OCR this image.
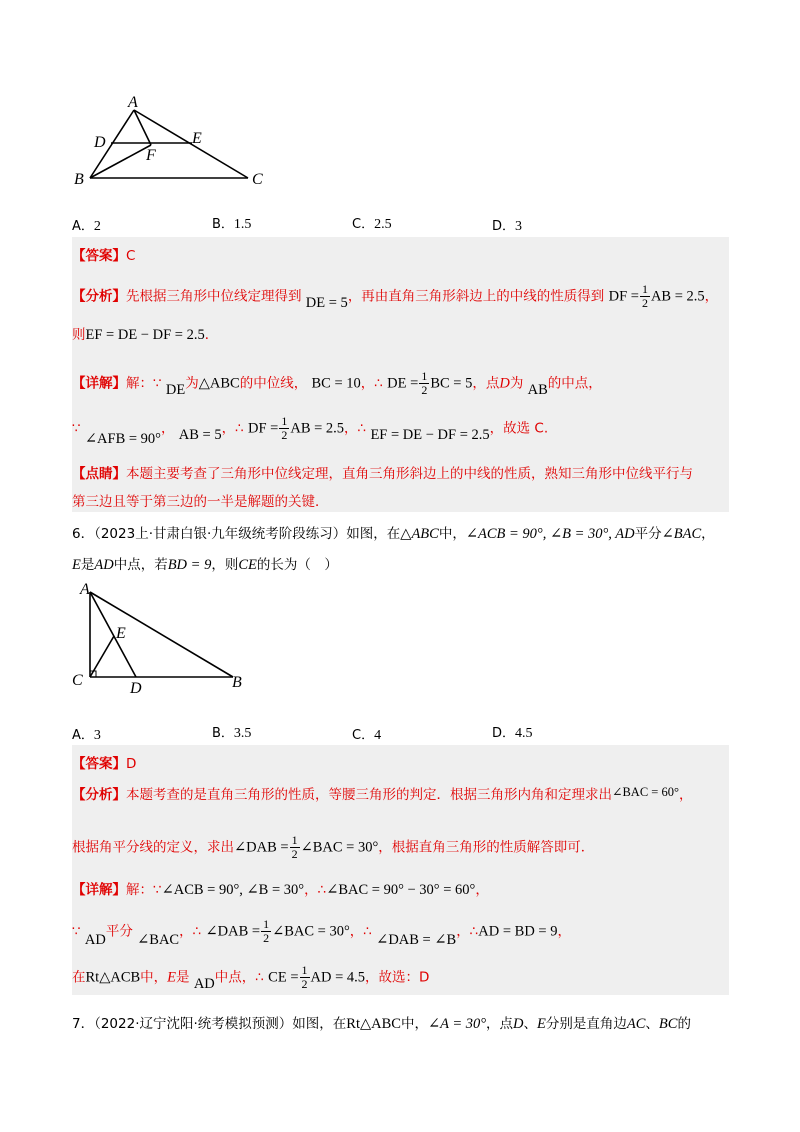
A
B	C
D	E
F
A．2	B．1.5	C．2.5	D．3
【答案】C
【分析】先根据三角形中位线定理得到 DE = 5，再由直角三角形斜边上的中线的性质得到 DF = $\frac{1}{2}$ AB = 2.5，
则EF = DE − DF = 2.5．
【详解】解：∵ DE为△ABC的中位线， BC = 10，∴ DE = $\frac{1}{2}$ BC = 5，点D为 AB的中点，
∵ ∠AFB = 90°， AB = 5，∴ DF = $\frac{1}{2}$ AB = 2.5，∴ EF = DE − DF = 2.5，故选 C.
【点睛】本题主要考查了三角形中位线定理，直角三角形斜边上的中线的性质，熟知三角形中位线平行与
第三边且等于第三边的一半是解题的关键．
6．（2023上·甘肃白银·九年级统考阶段练习）如图，在△ABC中，∠ACB = 90°, ∠B = 30°, AD平分∠BAC，
E是AD中点，若BD = 9，则CE的长为（　）
A
C	D	B
E
A．3	B．3.5	C．4	D．4.5
【答案】D
【分析】本题考查的是直角三角形的性质，等腰三角形的判定．根据三角形内角和定理求出∠BAC = 60°，
根据角平分线的定义，求出∠DAB = $\frac{1}{2}$ ∠BAC = 30°，根据直角三角形的性质解答即可．
【详解】解：∵∠ACB = 90°, ∠B = 30°，∴∠BAC = 90° − 30° = 60°，
∵ AD平分 ∠BAC，∴ ∠DAB = $\frac{1}{2}$ ∠BAC = 30°，∴ ∠DAB = ∠B，∴AD = BD = 9，
在Rt△ACB中，E是 AD中点，∴ CE = $\frac{1}{2}$ AD = 4.5，故选：D
7．（2022·辽宁沈阳·统考模拟预测）如图，在Rt△ABC中，∠A = 30°，点D、E分别是直角边AC、BC的
